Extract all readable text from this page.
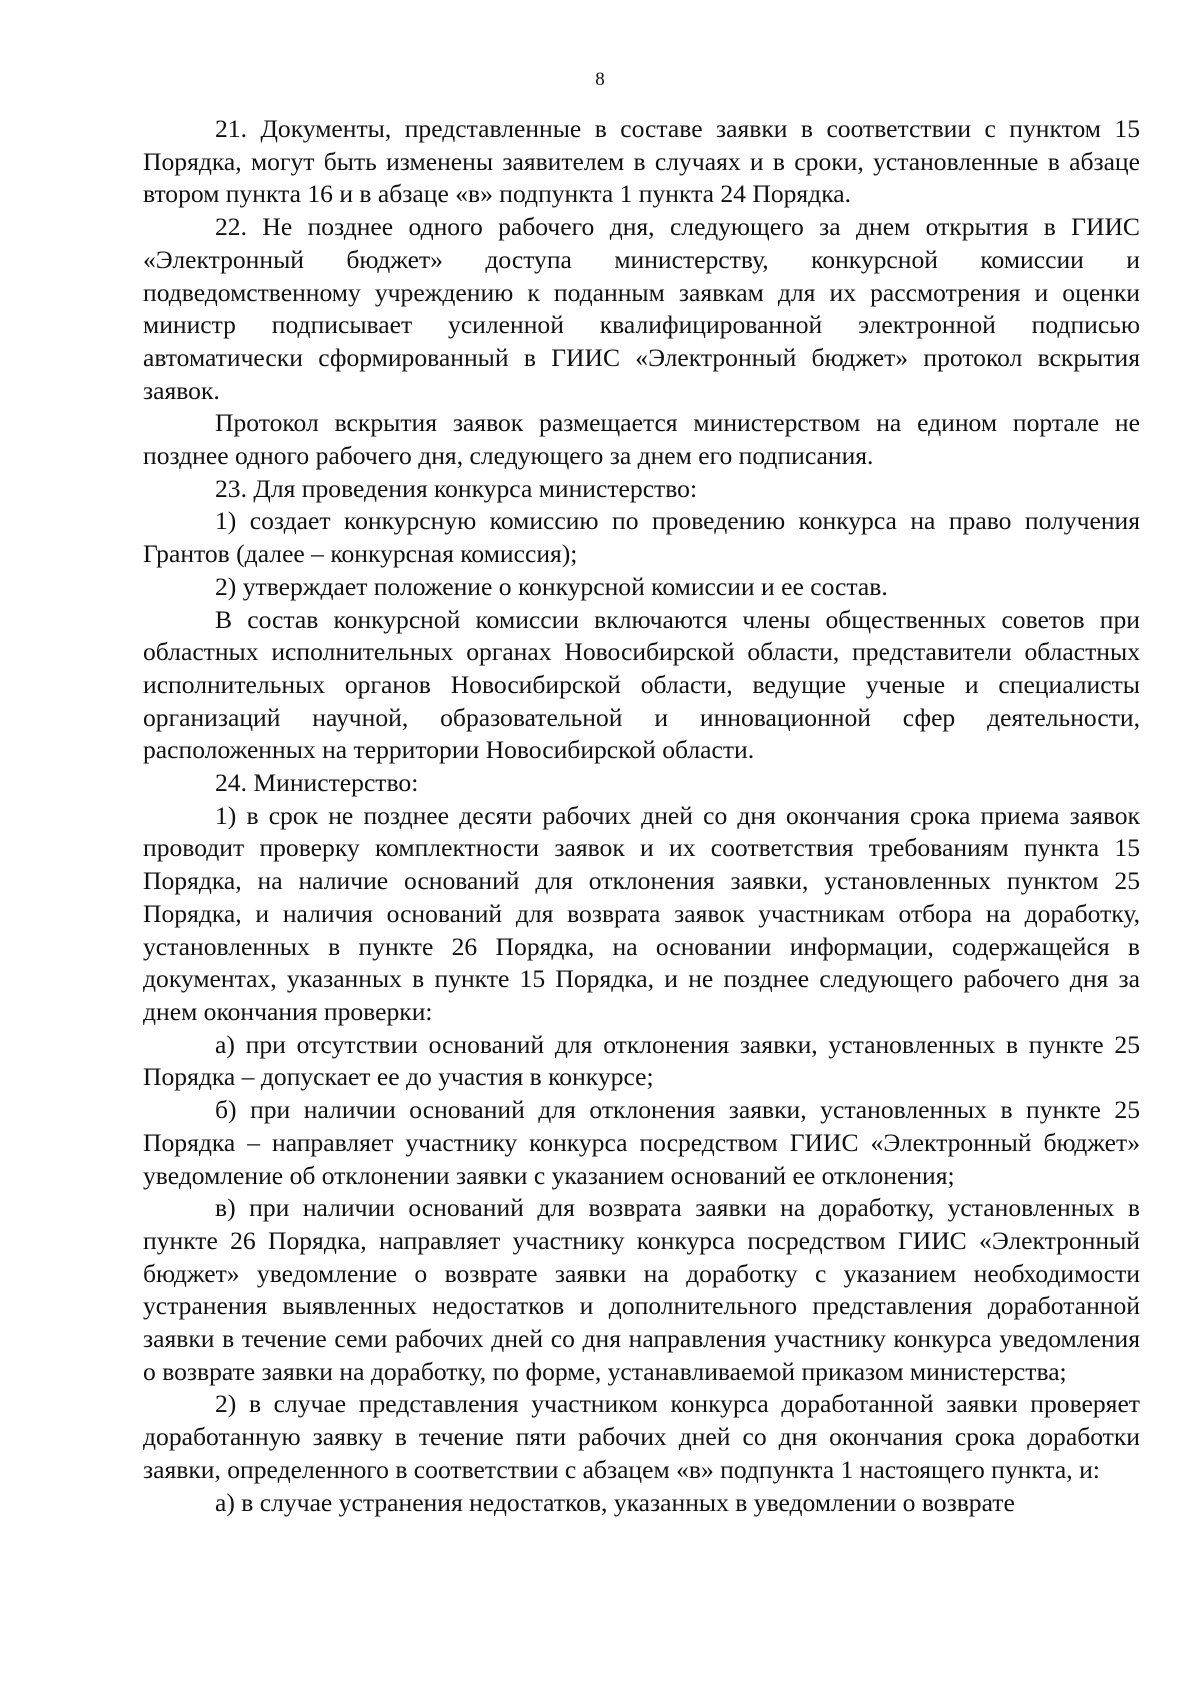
8

21. Документы, представленные в составе заявки в соответствии с пунктом 15 Порядка, могут быть изменены заявителем в случаях и в сроки, установленные в абзаце втором пункта 16 и в абзаце «в» подпункта 1 пункта 24 Порядка.

22. Не позднее одного рабочего дня, следующего за днем открытия в ГИИС «Электронный бюджет» доступа министерству, конкурсной комиссии и подведомственному учреждению к поданным заявкам для их рассмотрения и оценки министр подписывает усиленной квалифицированной электронной подписью автоматически сформированный в ГИИС «Электронный бюджет» протокол вскрытия заявок.

Протокол вскрытия заявок размещается министерством на едином портале не позднее одного рабочего дня, следующего за днем его подписания.

23. Для проведения конкурса министерство:

1) создает конкурсную комиссию по проведению конкурса на право получения Грантов (далее – конкурсная комиссия);

2) утверждает положение о конкурсной комиссии и ее состав.

В состав конкурсной комиссии включаются члены общественных советов при областных исполнительных органах Новосибирской области, представители областных исполнительных органов Новосибирской области, ведущие ученые и специалисты организаций научной, образовательной и инновационной сфер деятельности, расположенных на территории Новосибирской области.

24. Министерство:

1) в срок не позднее десяти рабочих дней со дня окончания срока приема заявок проводит проверку комплектности заявок и их соответствия требованиям пункта 15 Порядка, на наличие оснований для отклонения заявки, установленных пунктом 25 Порядка, и наличия оснований для возврата заявок участникам отбора на доработку, установленных в пункте 26 Порядка, на основании информации, содержащейся в документах, указанных в пункте 15 Порядка, и не позднее следующего рабочего дня за днем окончания проверки:

а) при отсутствии оснований для отклонения заявки, установленных в пункте 25 Порядка – допускает ее до участия в конкурсе;

б) при наличии оснований для отклонения заявки, установленных в пункте 25 Порядка – направляет участнику конкурса посредством ГИИС «Электронный бюджет» уведомление об отклонении заявки с указанием оснований ее отклонения;

в) при наличии оснований для возврата заявки на доработку, установленных в пункте 26 Порядка, направляет участнику конкурса посредством ГИИС «Электронный бюджет» уведомление о возврате заявки на доработку с указанием необходимости устранения выявленных недостатков и дополнительного представления доработанной заявки в течение семи рабочих дней со дня направления участнику конкурса уведомления о возврате заявки на доработку, по форме, устанавливаемой приказом министерства;

2) в случае представления участником конкурса доработанной заявки проверяет доработанную заявку в течение пяти рабочих дней со дня окончания срока доработки заявки, определенного в соответствии с абзацем «в» подпункта 1 настоящего пункта, и:

а) в случае устранения недостатков, указанных в уведомлении о возврате
